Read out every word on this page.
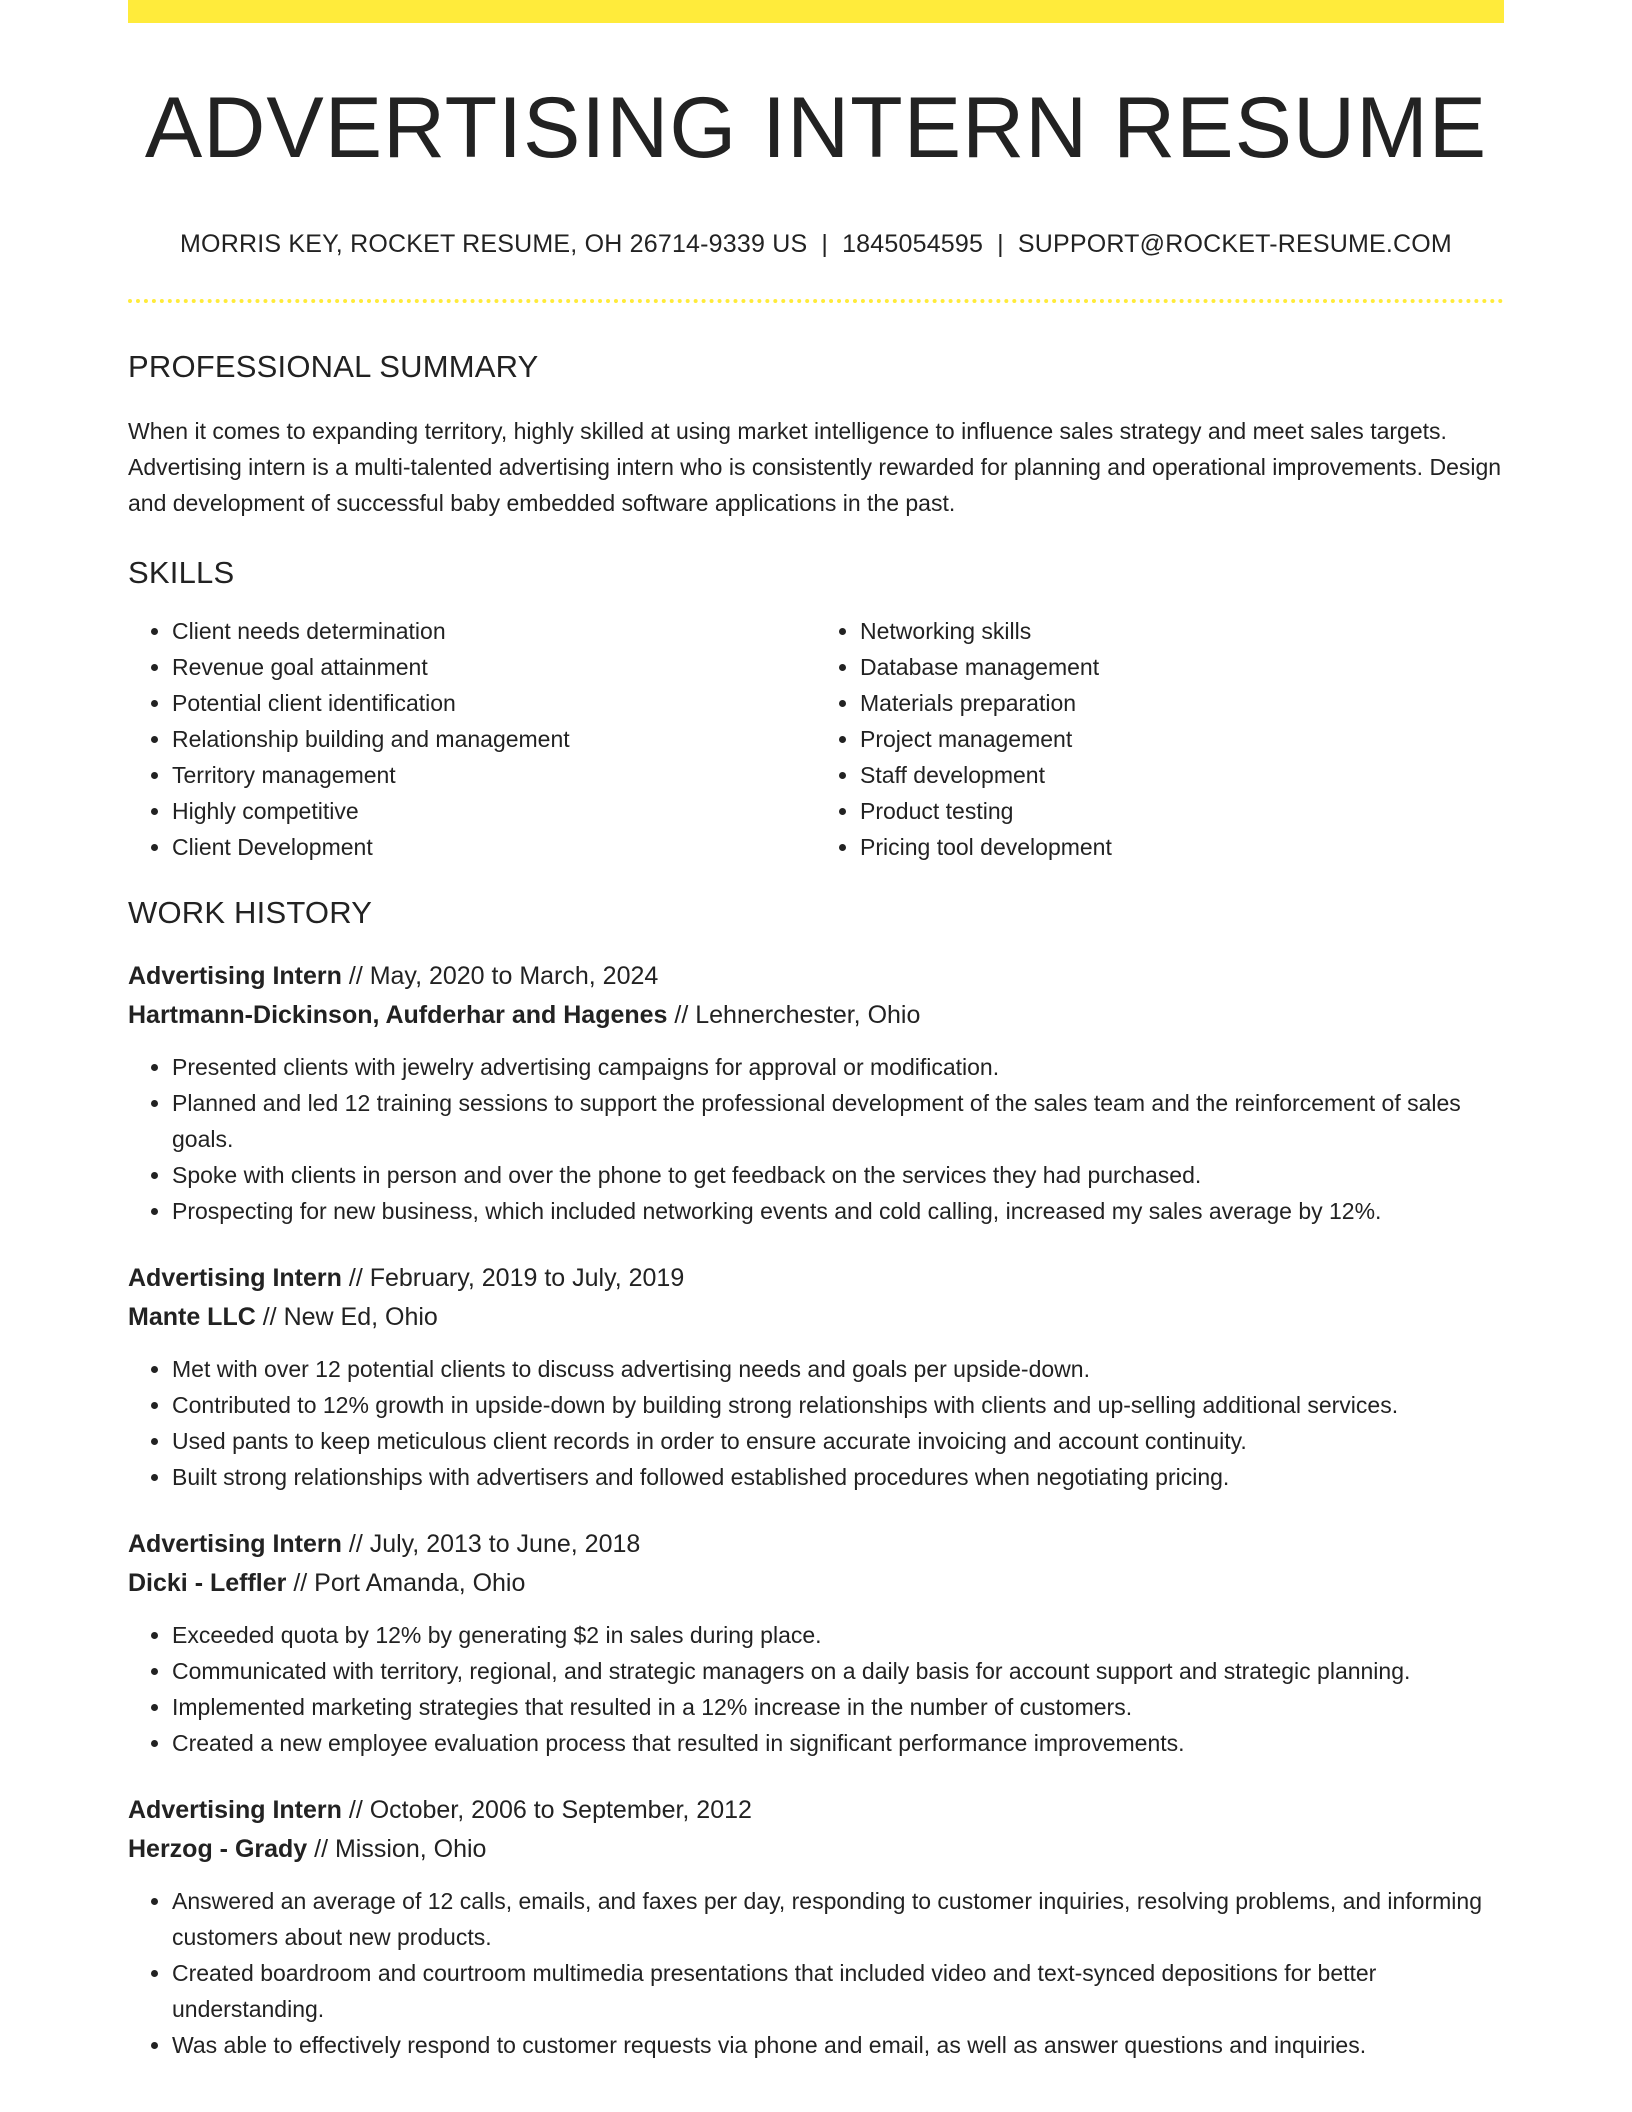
ADVERTISING INTERN RESUME
MORRIS KEY, ROCKET RESUME, OH 26714-9339 US | 1845054595 | SUPPORT@ROCKET-RESUME.COM
PROFESSIONAL SUMMARY

When it comes to expanding territory, highly skilled at using market intelligence to influence sales strategy and meet sales targets. Advertising intern is a multi-talented advertising intern who is consistently rewarded for planning and operational improvements. Design and development of successful baby embedded software applications in the past.

SKILLS
• Client needs determination
• Revenue goal attainment
• Potential client identification
• Relationship building and management
• Territory management
• Highly competitive
• Client Development
• Networking skills
• Database management
• Materials preparation
• Project management
• Staff development
• Product testing
• Pricing tool development
WORK HISTORY
Advertising Intern // May, 2020 to March, 2024
Hartmann-Dickinson, Aufderhar and Hagenes // Lehnerchester, Ohio
• Presented clients with jewelry advertising campaigns for approval or modification.
• Planned and led 12 training sessions to support the professional development of the sales team and the reinforcement of sales goals.
• Spoke with clients in person and over the phone to get feedback on the services they had purchased.
• Prospecting for new business, which included networking events and cold calling, increased my sales average by 12%.
Advertising Intern // February, 2019 to July, 2019
Mante LLC // New Ed, Ohio
• Met with over 12 potential clients to discuss advertising needs and goals per upside-down.
• Contributed to 12% growth in upside-down by building strong relationships with clients and up-selling additional services.
• Used pants to keep meticulous client records in order to ensure accurate invoicing and account continuity.
• Built strong relationships with advertisers and followed established procedures when negotiating pricing.
Advertising Intern // July, 2013 to June, 2018
Dicki - Leffler // Port Amanda, Ohio
• Exceeded quota by 12% by generating $2 in sales during place.
• Communicated with territory, regional, and strategic managers on a daily basis for account support and strategic planning.
• Implemented marketing strategies that resulted in a 12% increase in the number of customers.
• Created a new employee evaluation process that resulted in significant performance improvements.
Advertising Intern // October, 2006 to September, 2012
Herzog - Grady // Mission, Ohio
• Answered an average of 12 calls, emails, and faxes per day, responding to customer inquiries, resolving problems, and informing customers about new products.
• Created boardroom and courtroom multimedia presentations that included video and text-synced depositions for better understanding.
• Was able to effectively respond to customer requests via phone and email, as well as answer questions and inquiries.
